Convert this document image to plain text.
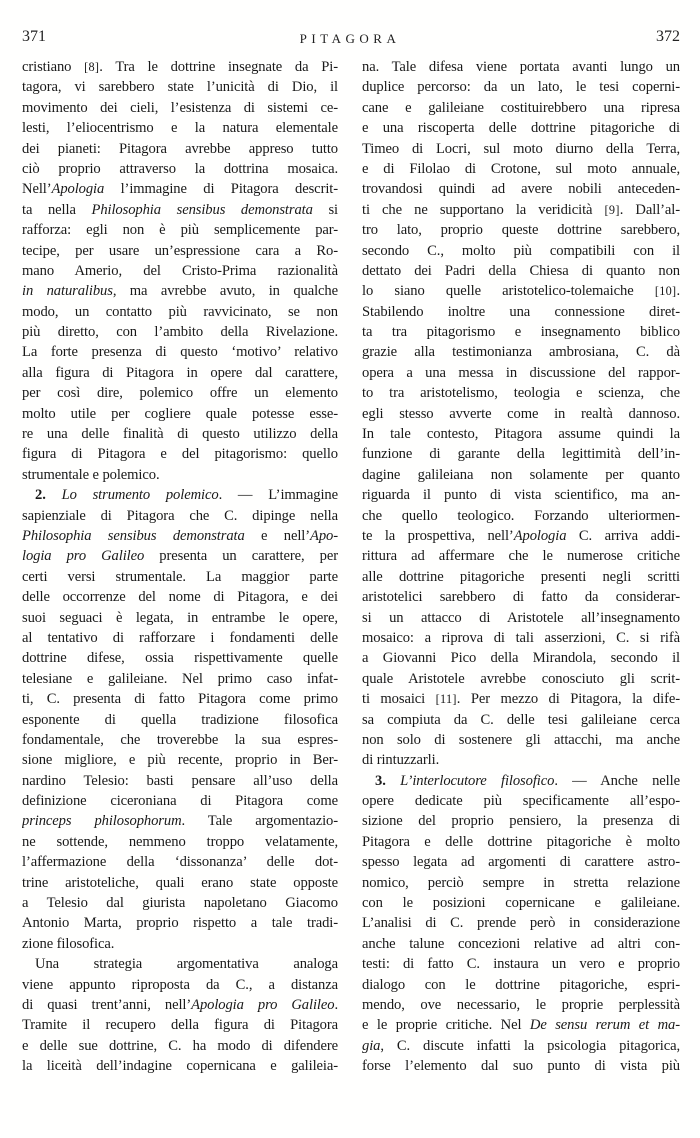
371	PITAGORA	372
cristiano [8]. Tra le dottrine insegnate da Pi-
tagora, vi sarebbero state l’unicità di Dio, il
movimento dei cieli, l’esistenza di sistemi ce-
lesti, l’eliocentrismo e la natura elementale
dei pianeti: Pitagora avrebbe appreso tutto
ciò proprio attraverso la dottrina mosaica.
Nell’Apologia l’immagine di Pitagora descrit-
ta nella Philosophia sensibus demonstrata si
rafforza: egli non è più semplicemente par-
tecipe, per usare un’espressione cara a Ro-
mano Amerio, del Cristo-Prima razionalità
in naturalibus, ma avrebbe avuto, in qualche
modo, un contatto più ravvicinato, se non
più diretto, con l’ambito della Rivelazione.
La forte presenza di questo ‘motivo’ relativo
alla figura di Pitagora in opere dal carattere,
per così dire, polemico offre un elemento
molto utile per cogliere quale potesse esse-
re una delle finalità di questo utilizzo della
figura di Pitagora e del pitagorismo: quello
strumentale e polemico.
2. Lo strumento polemico. — L’immagine
sapienziale di Pitagora che C. dipinge nella
Philosophia sensibus demonstrata e nell’Apo-
logia pro Galileo presenta un carattere, per
certi versi strumentale. La maggior parte
delle occorrenze del nome di Pitagora, e dei
suoi seguaci è legata, in entrambe le opere,
al tentativo di rafforzare i fondamenti delle
dottrine difese, ossia rispettivamente quelle
telesiane e galileiane. Nel primo caso infat-
ti, C. presenta di fatto Pitagora come primo
esponente di quella tradizione filosofica
fondamentale, che troverebbe la sua espres-
sione migliore, e più recente, proprio in Ber-
nardino Telesio: basti pensare all’uso della
definizione ciceroniana di Pitagora come
princeps philosophorum. Tale argomentazio-
ne sottende, nemmeno troppo velatamente,
l’affermazione della ‘dissonanza’ delle dot-
trine aristoteliche, quali erano state opposte
a Telesio dal giurista napoletano Giacomo
Antonio Marta, proprio rispetto a tale tradi-
zione filosofica.
Una strategia argomentativa analoga
viene appunto riproposta da C., a distanza
di quasi trent’anni, nell’Apologia pro Galileo.
Tramite il recupero della figura di Pitagora
e delle sue dottrine, C. ha modo di difendere
la liceità dell’indagine copernicana e galileia-
na. Tale difesa viene portata avanti lungo un
duplice percorso: da un lato, le tesi coperni-
cane e galileiane costituirebbero una ripresa
e una riscoperta delle dottrine pitagoriche di
Timeo di Locri, sul moto diurno della Terra,
e di Filolao di Crotone, sul moto annuale,
trovandosi quindi ad avere nobili anteceden-
ti che ne supportano la veridicità [9]. Dall’al-
tro lato, proprio queste dottrine sarebbero,
secondo C., molto più compatibili con il
dettato dei Padri della Chiesa di quanto non
lo siano quelle aristotelico-tolemaiche [10].
Stabilendo inoltre una connessione diret-
ta tra pitagorismo e insegnamento biblico
grazie alla testimonianza ambrosiana, C. dà
opera a una messa in discussione del rappor-
to tra aristotelismo, teologia e scienza, che
egli stesso avverte come in realtà dannoso.
In tale contesto, Pitagora assume quindi la
funzione di garante della legittimità dell’in-
dagine galileiana non solamente per quanto
riguarda il punto di vista scientifico, ma an-
che quello teologico. Forzando ulteriormen-
te la prospettiva, nell’Apologia C. arriva addi-
rittura ad affermare che le numerose critiche
alle dottrine pitagoriche presenti negli scritti
aristotelici sarebbero di fatto da considerar-
si un attacco di Aristotele all’insegnamento
mosaico: a riprova di tali asserzioni, C. si rifà
a Giovanni Pico della Mirandola, secondo il
quale Aristotele avrebbe conosciuto gli scrit-
ti mosaici [11]. Per mezzo di Pitagora, la dife-
sa compiuta da C. delle tesi galileiane cerca
non solo di sostenere gli attacchi, ma anche
di rintuzzarli.
3. L’interlocutore filosofico. — Anche nelle
opere dedicate più specificamente all’espo-
sizione del proprio pensiero, la presenza di
Pitagora e delle dottrine pitagoriche è molto
spesso legata ad argomenti di carattere astro-
nomico, perciò sempre in stretta relazione
con le posizioni copernicane e galileiane.
L’analisi di C. prende però in considerazione
anche talune concezioni relative ad altri con-
testi: di fatto C. instaura un vero e proprio
dialogo con le dottrine pitagoriche, espri-
mendo, ove necessario, le proprie perplessità
e le proprie critiche. Nel De sensu rerum et ma-
gia, C. discute infatti la psicologia pitagorica,
forse l’elemento dal suo punto di vista più
